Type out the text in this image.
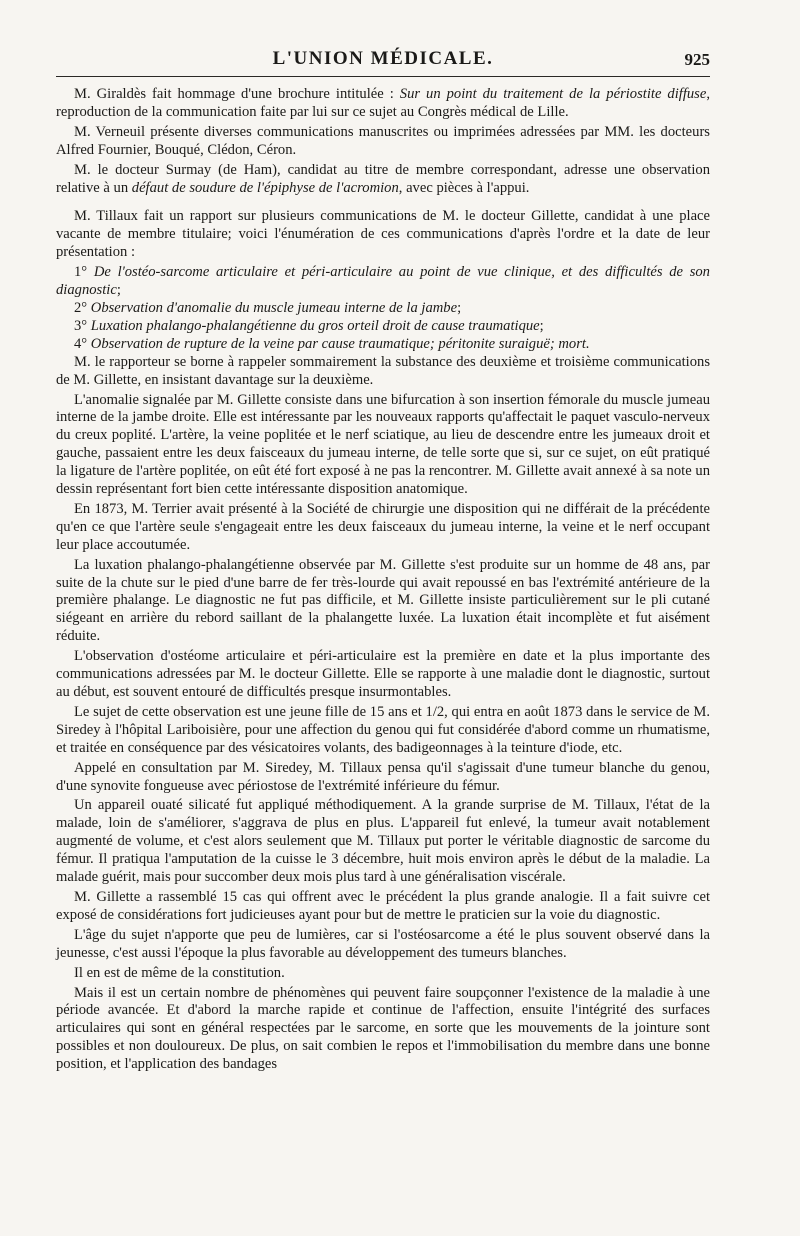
L'UNION MÉDICALE.	925

M. Giraldès fait hommage d'une brochure intitulée : Sur un point du traitement de la périostite diffuse, reproduction de la communication faite par lui sur ce sujet au Congrès médical de Lille.

M. Verneuil présente diverses communications manuscrites ou imprimées adressées par MM. les docteurs Alfred Fournier, Bouqué, Clédon, Céron.

M. le docteur Surmay (de Ham), candidat au titre de membre correspondant, adresse une observation relative à un défaut de soudure de l'épiphyse de l'acromion, avec pièces à l'appui.

M. Tillaux fait un rapport sur plusieurs communications de M. le docteur Gillette, candidat à une place vacante de membre titulaire; voici l'énumération de ces communications d'après l'ordre et la date de leur présentation :

1° De l'ostéo-sarcome articulaire et péri-articulaire au point de vue clinique, et des difficultés de son diagnostic;

2° Observation d'anomalie du muscle jumeau interne de la jambe;

3° Luxation phalango-phalangétienne du gros orteil droit de cause traumatique;

4° Observation de rupture de la veine par cause traumatique; péritonite suraiguë; mort.

M. le rapporteur se borne à rappeler sommairement la substance des deuxième et troisième communications de M. Gillette, en insistant davantage sur la deuxième.

L'anomalie signalée par M. Gillette consiste dans une bifurcation à son insertion fémorale du muscle jumeau interne de la jambe droite. Elle est intéressante par les nouveaux rapports qu'affectait le paquet vasculo-nerveux du creux poplité. L'artère, la veine poplitée et le nerf sciatique, au lieu de descendre entre les jumeaux droit et gauche, passaient entre les deux faisceaux du jumeau interne, de telle sorte que si, sur ce sujet, on eût pratiqué la ligature de l'artère poplitée, on eût été fort exposé à ne pas la rencontrer. M. Gillette avait annexé à sa note un dessin représentant fort bien cette intéressante disposition anatomique.

En 1873, M. Terrier avait présenté à la Société de chirurgie une disposition qui ne différait de la précédente qu'en ce que l'artère seule s'engageait entre les deux faisceaux du jumeau interne, la veine et le nerf occupant leur place accoutumée.

La luxation phalango-phalangétienne observée par M. Gillette s'est produite sur un homme de 48 ans, par suite de la chute sur le pied d'une barre de fer très-lourde qui avait repoussé en bas l'extrémité antérieure de la première phalange. Le diagnostic ne fut pas difficile, et M. Gillette insiste particulièrement sur le pli cutané siégeant en arrière du rebord saillant de la phalangette luxée. La luxation était incomplète et fut aisément réduite.

L'observation d'ostéome articulaire et péri-articulaire est la première en date et la plus importante des communications adressées par M. le docteur Gillette. Elle se rapporte à une maladie dont le diagnostic, surtout au début, est souvent entouré de difficultés presque insurmontables.

Le sujet de cette observation est une jeune fille de 15 ans et 1/2, qui entra en août 1873 dans le service de M. Siredey à l'hôpital Lariboisière, pour une affection du genou qui fut considérée d'abord comme un rhumatisme, et traitée en conséquence par des vésicatoires volants, des badigeonnages à la teinture d'iode, etc.

Appelé en consultation par M. Siredey, M. Tillaux pensa qu'il s'agissait d'une tumeur blanche du genou, d'une synovite fongueuse avec périostose de l'extrémité inférieure du fémur.

Un appareil ouaté silicaté fut appliqué méthodiquement. A la grande surprise de M. Tillaux, l'état de la malade, loin de s'améliorer, s'aggrava de plus en plus. L'appareil fut enlevé, la tumeur avait notablement augmenté de volume, et c'est alors seulement que M. Tillaux put porter le véritable diagnostic de sarcome du fémur. Il pratiqua l'amputation de la cuisse le 3 décembre, huit mois environ après le début de la maladie. La malade guérit, mais pour succomber deux mois plus tard à une généralisation viscérale.

M. Gillette a rassemblé 15 cas qui offrent avec le précédent la plus grande analogie. Il a fait suivre cet exposé de considérations fort judicieuses ayant pour but de mettre le praticien sur la voie du diagnostic.

L'âge du sujet n'apporte que peu de lumières, car si l'ostéosarcome a été le plus souvent observé dans la jeunesse, c'est aussi l'époque la plus favorable au développement des tumeurs blanches.

Il en est de même de la constitution.

Mais il est un certain nombre de phénomènes qui peuvent faire soupçonner l'existence de la maladie à une période avancée. Et d'abord la marche rapide et continue de l'affection, ensuite l'intégrité des surfaces articulaires qui sont en général respectées par le sarcome, en sorte que les mouvements de la jointure sont possibles et non douloureux. De plus, on sait combien le repos et l'immobilisation du membre dans une bonne position, et l'application des bandages
